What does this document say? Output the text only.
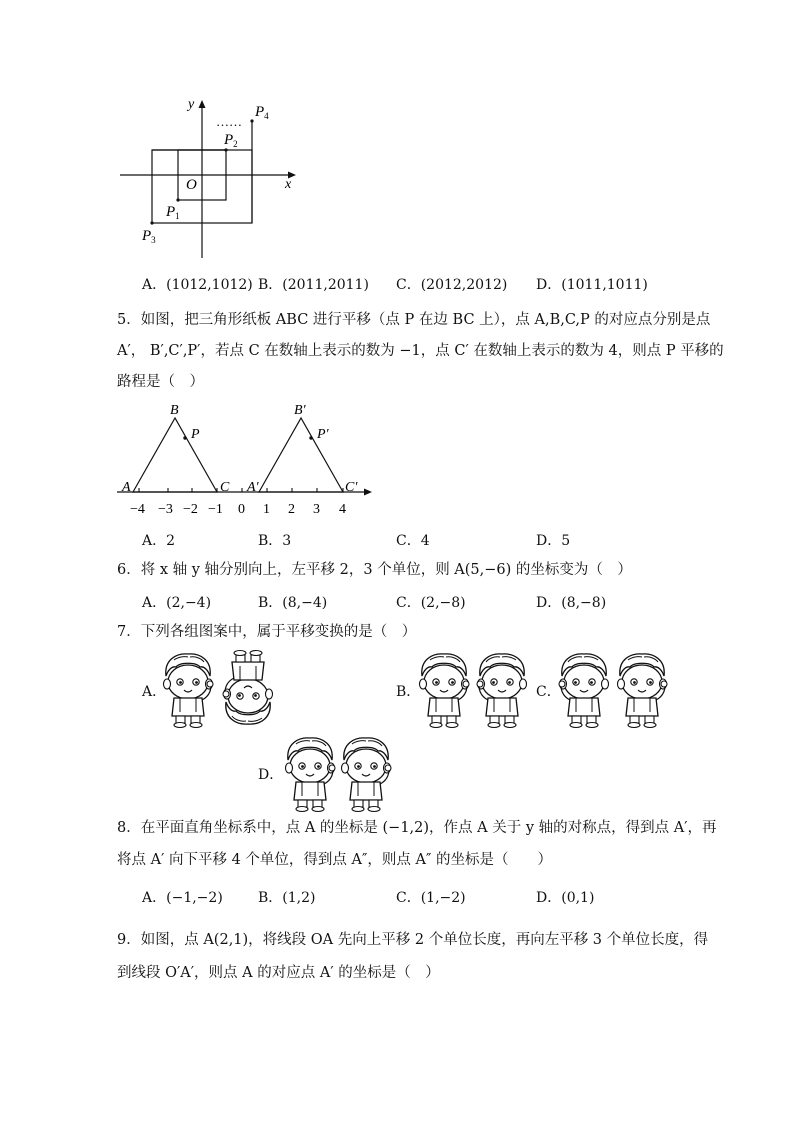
x
y
O
$P_1$
$P_2$
$P_3$
$P_4$
……
A．(1012,1012) B．(2011,2011) C．(2012,2012) D．(1011,1011)
5．如图，把三角形纸板 ABC 进行平移（点 P 在边 BC 上），点 A,B,C,P 的对应点分别是点
A′， B′,C′,P′，若点 C 在数轴上表示的数为 −1，点 C′ 在数轴上表示的数为 4，则点 P 平移的
路程是（　）
−4 −3 −2 −1 0 1 2 3 4
A
B
C
P
A′
B′
C′
P′
A．2	B．3	C．4	D．5
6．将 x 轴 y 轴分别向上，左平移 2，3 个单位，则 A(5,−6) 的坐标变为（　）
A．(2,−4)	B．(8,−4)	C．(2,−8)	D．(8,−8)
7．下列各组图案中，属于平移变换的是（　）
A．	B．	C．
D．
8．在平面直角坐标系中，点 A 的坐标是 (−1,2)，作点 A 关于 y 轴的对称点，得到点 A′，再
将点 A′ 向下平移 4 个单位，得到点 A″，则点 A″ 的坐标是（　　）
A．(−1,−2)	B．(1,2)	C．(1,−2)	D．(0,1)
9．如图，点 A(2,1)，将线段 OA 先向上平移 2 个单位长度，再向左平移 3 个单位长度，得
到线段 O′A′，则点 A 的对应点 A′ 的坐标是（　）
